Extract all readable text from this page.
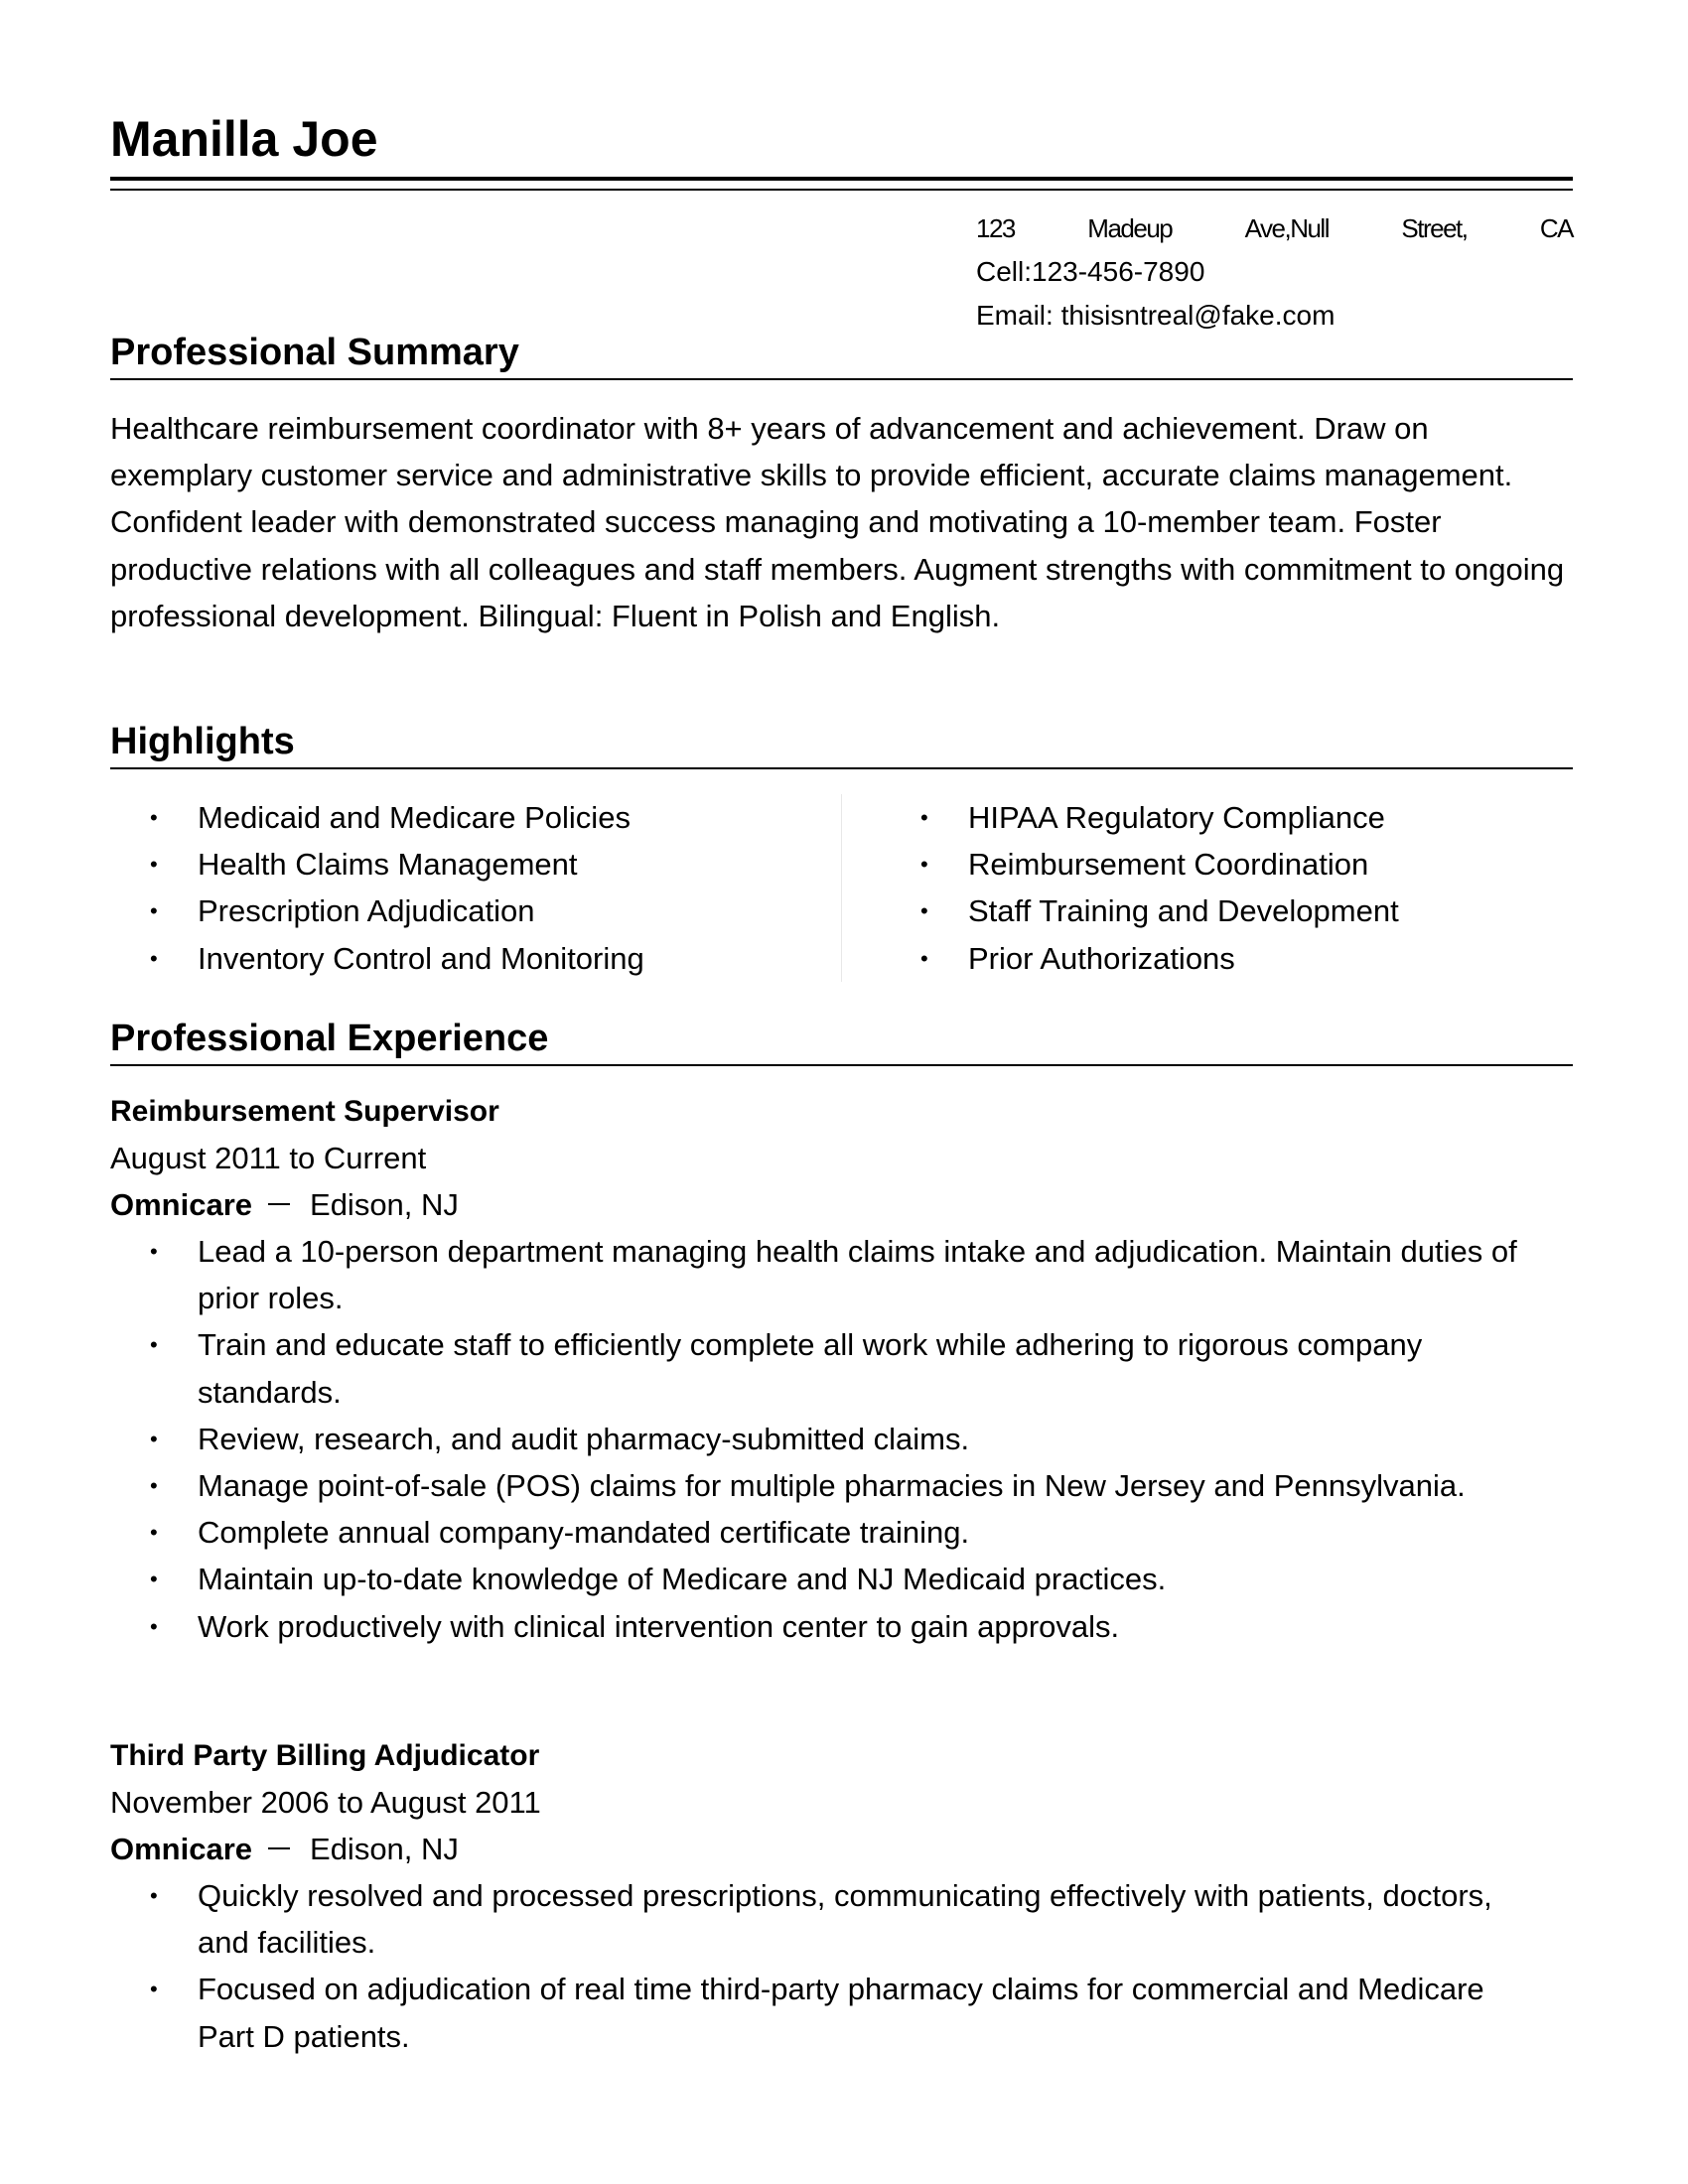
Manilla Joe
123	Madeup	Ave,Null	Street,	CA
Cell:123-456-7890
Email: thisisntreal@fake.com
Professional Summary

Healthcare reimbursement coordinator with 8+ years of advancement and achievement. Draw on exemplary customer service and administrative skills to provide efficient, accurate claims management. Confident leader with demonstrated success managing and motivating a 10-member team. Foster productive relations with all colleagues and staff members. Augment strengths with commitment to ongoing professional development. Bilingual: Fluent in Polish and English.

Highlights
• Medicaid and Medicare Policies
• Health Claims Management
• Prescription Adjudication
• Inventory Control and Monitoring
• HIPAA Regulatory Compliance
• Reimbursement Coordination
• Staff Training and Development
• Prior Authorizations
Professional Experience
Reimbursement Supervisor
August 2011 to Current
Omnicare Edison, NJ
• Lead a 10-person department managing health claims intake and adjudication. Maintain duties of prior roles.
• Train and educate staff to efficiently complete all work while adhering to rigorous company standards.
• Review, research, and audit pharmacy-submitted claims.
• Manage point-of-sale (POS) claims for multiple pharmacies in New Jersey and Pennsylvania.
• Complete annual company-mandated certificate training.
• Maintain up-to-date knowledge of Medicare and NJ Medicaid practices.
• Work productively with clinical intervention center to gain approvals.
Third Party Billing Adjudicator
November 2006 to August 2011
Omnicare Edison, NJ
• Quickly resolved and processed prescriptions, communicating effectively with patients, doctors, and facilities.
• Focused on adjudication of real time third-party pharmacy claims for commercial and Medicare Part D patients.
